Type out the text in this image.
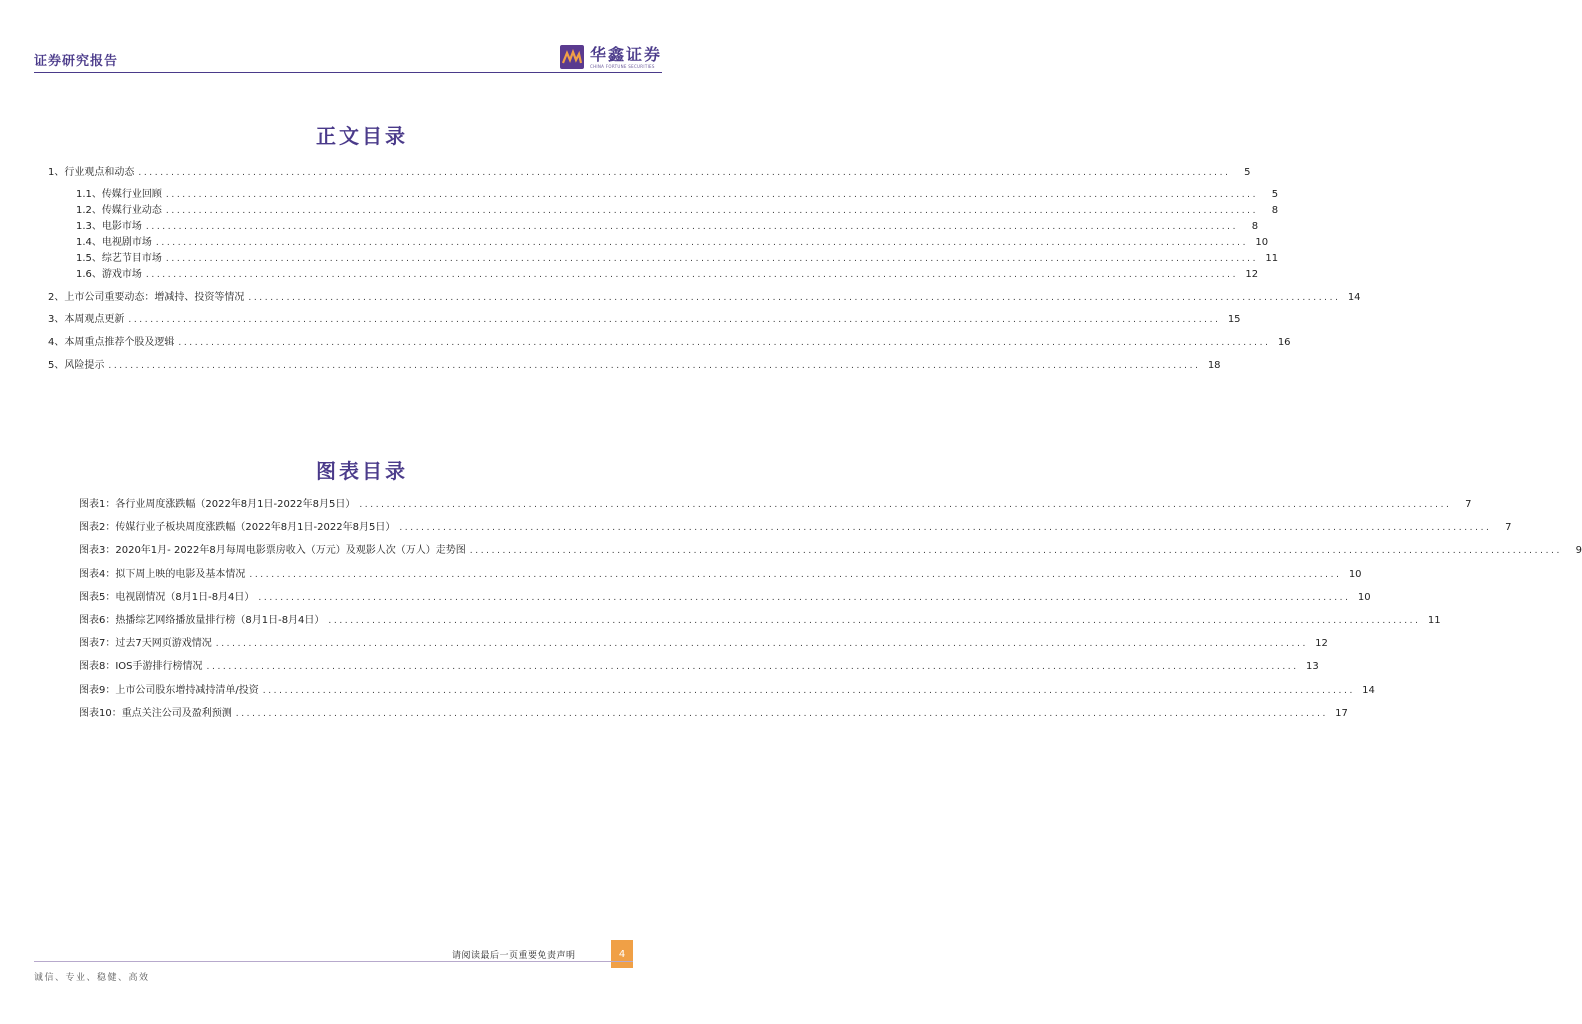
证券研究报告	华鑫证券
CHINA FORTUNE SECURITIES
正文目录
1、 行业观点和动态 ........................................................................................................................................................................................................	5
1.1、 传媒行业回顾 ........................................................................................................................................................................................................	5
1.2、 传媒行业动态 ........................................................................................................................................................................................................	8
1.3、 电影市场 ........................................................................................................................................................................................................	8
1.4、 电视剧市场 ........................................................................................................................................................................................................ 10
1.5、 综艺节目市场 ........................................................................................................................................................................................................ 11
1.6、 游戏市场 ........................................................................................................................................................................................................ 12
2、 上市公司重要动态：增减持、投资等情况 ........................................................................................................................................................................................................ 14
3、 本周观点更新 ........................................................................................................................................................................................................ 15
4、 本周重点推荐个股及逻辑 ........................................................................................................................................................................................................ 16
5、 风险提示 ........................................................................................................................................................................................................ 18
图表目录
图表1：各行业周度涨跌幅（2022年8月1日-2022年8月5日） ........................................................................................................................................................................................................	7
图表2：传媒行业子板块周度涨跌幅（2022年8月1日-2022年8月5日） ........................................................................................................................................................................................................	7
图表3：2020年1月- 2022年8月每周电影票房收入（万元）及观影人次（万人）走势图 ........................................................................................................................................................................................................	9
图表4：拟下周上映的电影及基本情况 ........................................................................................................................................................................................................ 10
图表5：电视剧情况（8月1日-8月4日） ........................................................................................................................................................................................................ 10
图表6：热播综艺网络播放量排行榜（8月1日-8月4日） ........................................................................................................................................................................................................ 11
图表7：过去7天网页游戏情况 ........................................................................................................................................................................................................ 12
图表8：IOS手游排行榜情况 ........................................................................................................................................................................................................ 13
图表9：上市公司股东增持减持清单/投资 ........................................................................................................................................................................................................ 14
图表10：重点关注公司及盈利预测 ........................................................................................................................................................................................................ 17
请阅读最后一页重要免责声明	4
诚信、专业、稳健、高效
